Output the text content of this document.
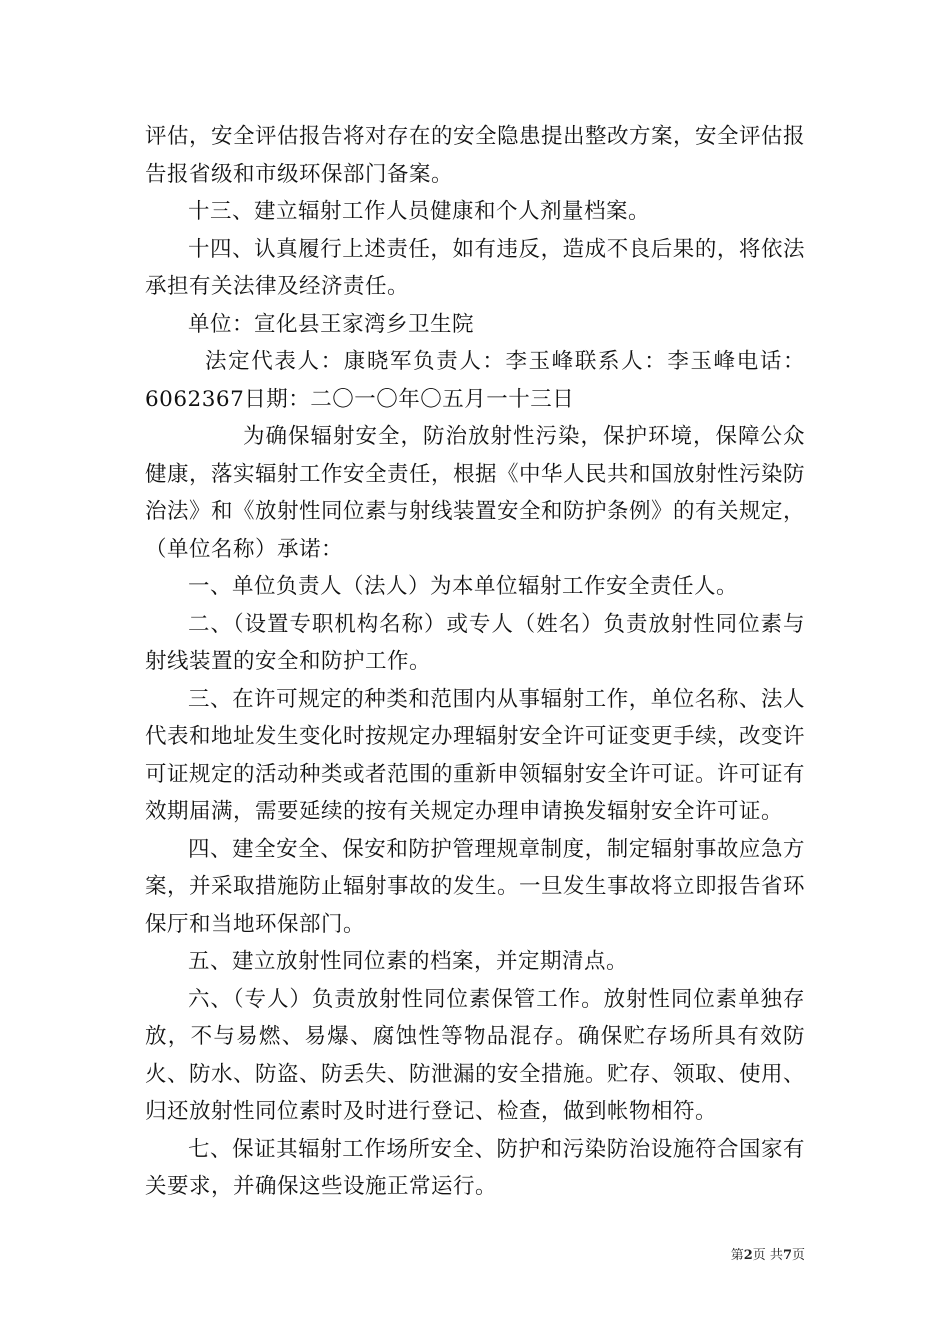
评估，安全评估报告将对存在的安全隐患提出整改方案，安全评估报告报省级和市级环保部门备案。

十三、建立辐射工作人员健康和个人剂量档案。

十四、认真履行上述责任，如有违反，造成不良后果的，将依法承担有关法律及经济责任。

单位：宣化县王家湾乡卫生院

法定代表人：康晓军负责人：李玉峰联系人：李玉峰电话：6062367日期：二〇一〇年〇五月一十三日

为确保辐射安全，防治放射性污染，保护环境，保障公众健康，落实辐射工作安全责任，根据《中华人民共和国放射性污染防治法》和《放射性同位素与射线装置安全和防护条例》的有关规定，（单位名称）承诺：

一、单位负责人（法人）为本单位辐射工作安全责任人。

二、（设置专职机构名称）或专人（姓名）负责放射性同位素与射线装置的安全和防护工作。

三、在许可规定的种类和范围内从事辐射工作，单位名称、法人代表和地址发生变化时按规定办理辐射安全许可证变更手续，改变许可证规定的活动种类或者范围的重新申领辐射安全许可证。许可证有效期届满，需要延续的按有关规定办理申请换发辐射安全许可证。

四、建全安全、保安和防护管理规章制度，制定辐射事故应急方案，并采取措施防止辐射事故的发生。一旦发生事故将立即报告省环保厅和当地环保部门。

五、建立放射性同位素的档案，并定期清点。

六、（专人）负责放射性同位素保管工作。放射性同位素单独存放，不与易燃、易爆、腐蚀性等物品混存。确保贮存场所具有效防火、防水、防盗、防丢失、防泄漏的安全措施。贮存、领取、使用、归还放射性同位素时及时进行登记、检查，做到帐物相符。

七、保证其辐射工作场所安全、防护和污染防治设施符合国家有关要求，并确保这些设施正常运行。

第2页 共7页
